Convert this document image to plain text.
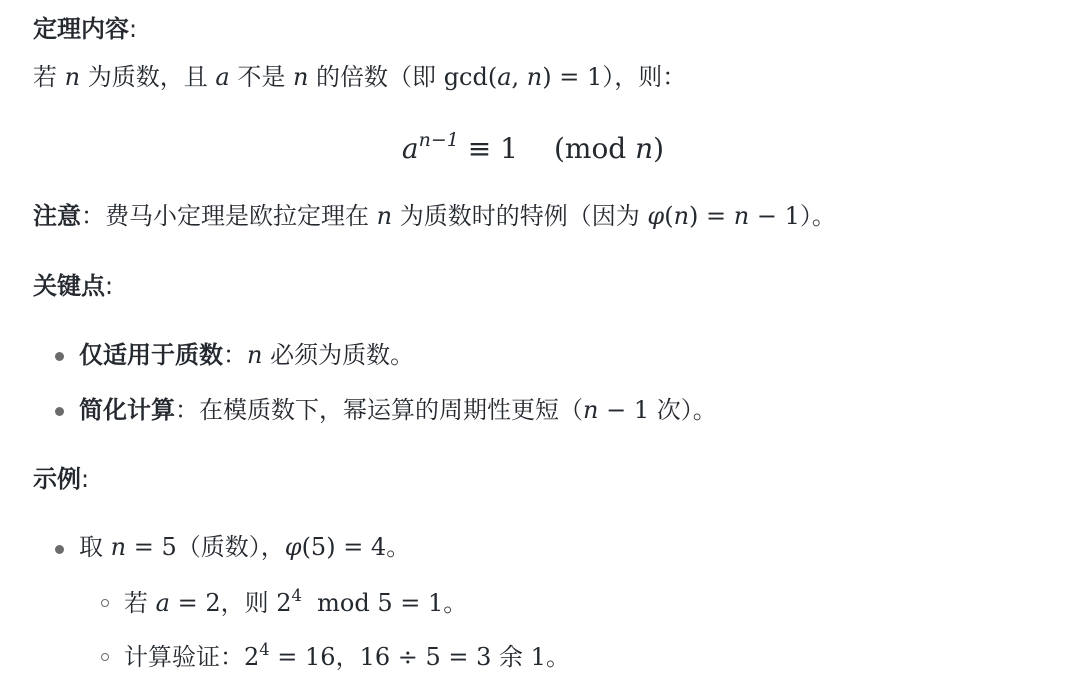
定理内容:
若 n 为质数，且 a 不是 n 的倍数（即 gcd(a, n) = 1），则：
$a^{n-1} \equiv 1$ (mod n)
注意：费马小定理是欧拉定理在 n 为质数时的特例（因为 φ(n) = n − 1）。
关键点:
仅适用于质数：n 必须为质数。
简化计算：在模质数下，幂运算的周期性更短（n − 1 次）。
示例:
取 n = 5（质数），φ(5) = 4。
若 a = 2，则 $2^4$  mod 5 = 1。
计算验证：$2^4 = 16$，16 ÷ 5 = 3 余 1。
